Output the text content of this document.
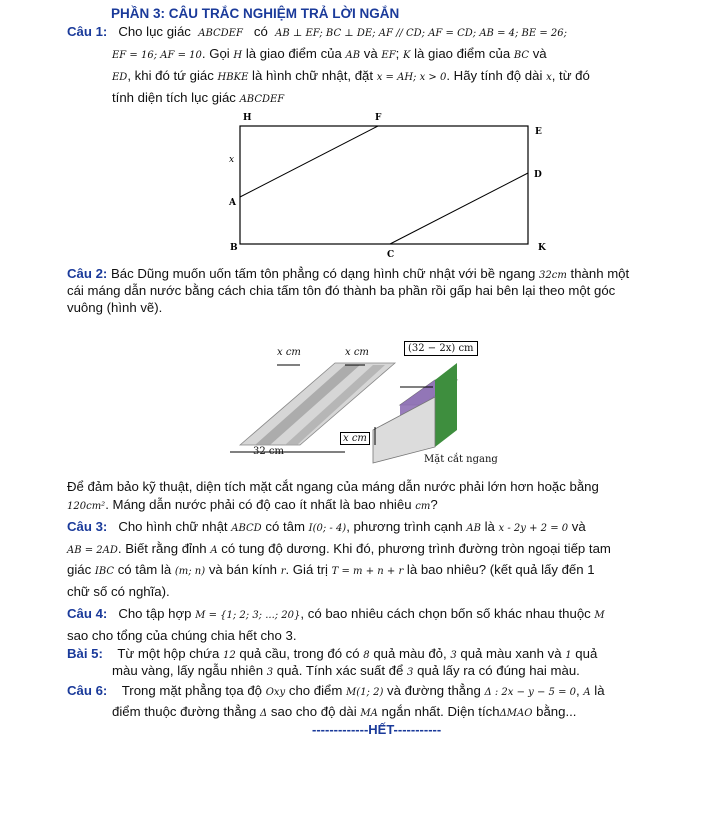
PHẦN 3: CÂU TRẮC NGHIỆM TRẢ LỜI NGẮN
Câu 1: Cho lục giác ABCDEF có AB ⊥ EF; BC ⊥ DE; AF // CD; AF = CD; AB = 4; BE = 26;
EF = 16; AF = 10. Gọi H là giao điểm của AB và EF; K là giao điểm của BC và
ED, khi đó tứ giác HBKE là hình chữ nhật, đặt x = AH; x > 0. Hãy tính độ dài x, từ đó
tính diện tích lục giác ABCDEF
H	F
E
x
D
A
B
C
K
Câu 2: Bác Dũng muốn uốn tấm tôn phẳng có dạng hình chữ nhật với bề ngang 32cm thành một
cái máng dẫn nước bằng cách chia tấm tôn đó thành ba phần rồi gấp hai bên lại theo một góc
vuông (hình vẽ).
x cm	x cm	(32 − 2x) cm
x cm
32 cm
Mặt cắt ngang
Để đảm bảo kỹ thuật, diện tích mặt cắt ngang của máng dẫn nước phải lớn hơn hoặc bằng
120cm². Máng dẫn nước phải có độ cao ít nhất là bao nhiêu cm?
Câu 3: Cho hình chữ nhật ABCD có tâm I(0; - 4), phương trình cạnh AB là x - 2y + 2 = 0 và
AB = 2AD. Biết rằng đỉnh A có tung độ dương. Khi đó, phương trình đường tròn ngoại tiếp tam
giác IBC có tâm là (m; n) và bán kính r. Giá trị T = m + n + r là bao nhiêu? (kết quả lấy đến 1
chữ số có nghĩa).
Câu 4: Cho tập hợp M = {1; 2; 3; ...; 20}, có bao nhiêu cách chọn bốn số khác nhau thuộc M
sao cho tổng của chúng chia hết cho 3.
Bài 5: Từ một hộp chứa 12 quả cầu, trong đó có 8 quả màu đỏ, 3 quả màu xanh và 1 quả
màu vàng, lấy ngẫu nhiên 3 quả. Tính xác suất để 3 quả lấy ra có đúng hai màu.
Câu 6: Trong mặt phẳng tọa độ Oxy cho điểm M(1; 2) và đường thẳng Δ : 2x − y − 5 = 0, A là
điểm thuộc đường thẳng Δ sao cho độ dài MA ngắn nhất. Diện tíchΔMAO bằng...
-------------HẾT-----------
